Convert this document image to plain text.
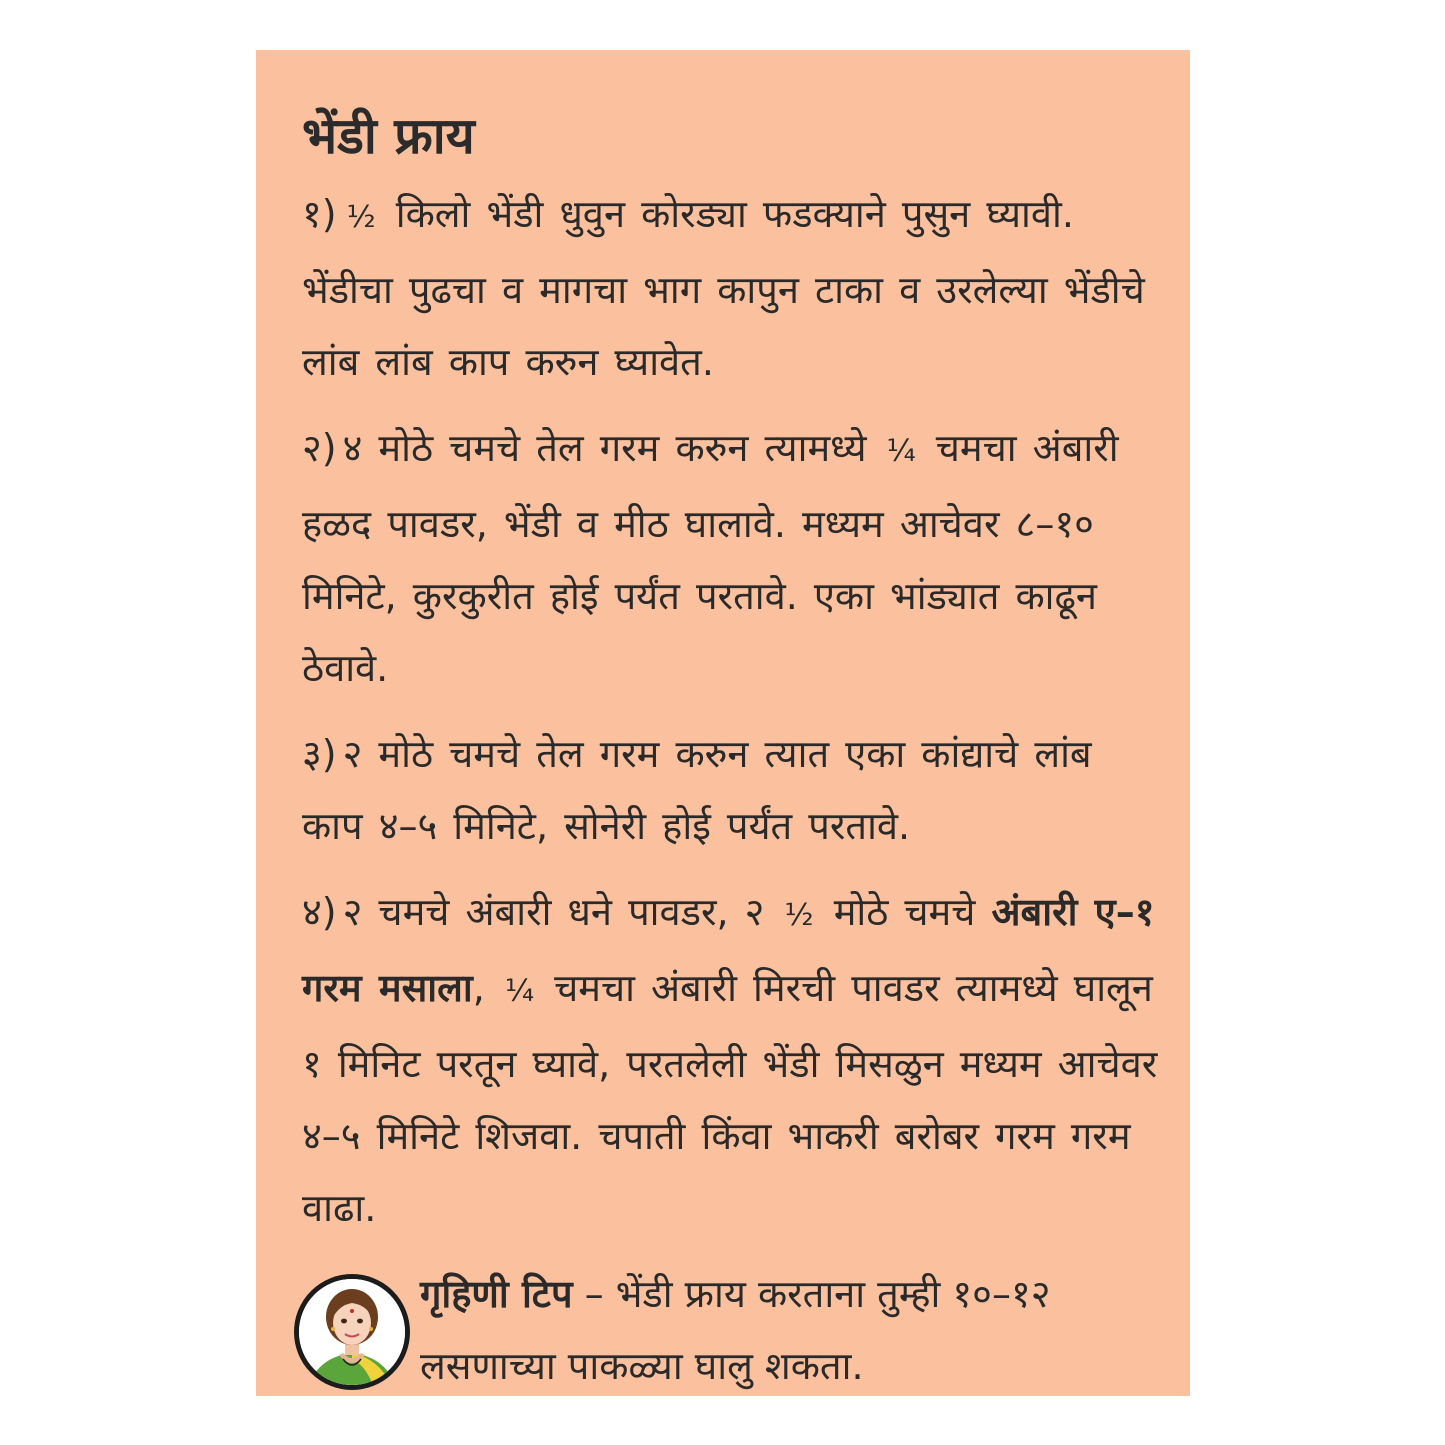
भेंडी फ्राय
१) ½ किलो भेंडी धुवुन कोरड्या फडक्याने पुसुन घ्यावी. भेंडीचा पुढचा व मागचा भाग कापुन टाका व उरलेल्या भेंडीचे लांब लांब काप करुन घ्यावेत.
२) ४ मोठे चमचे तेल गरम करुन त्यामध्ये ¼ चमचा अंबारी हळद पावडर, भेंडी व मीठ घालावे. मध्यम आचेवर ८–१० मिनिटे, कुरकुरीत होई पर्यंत परतावे. एका भांड्यात काढून ठेवावे.
३) २ मोठे चमचे तेल गरम करुन त्यात एका कांद्याचे लांब काप ४–५ मिनिटे, सोनेरी होई पर्यंत परतावे.
४) २ चमचे अंबारी धने पावडर, २ ½ मोठे चमचे अंबारी ए–१ गरम मसाला, ¼ चमचा अंबारी मिरची पावडर त्यामध्ये घालून १ मिनिट परतून घ्यावे, परतलेली भेंडी मिसळुन मध्यम आचेवर ४–५ मिनिटे शिजवा. चपाती किंवा भाकरी बरोबर गरम गरम वाढा.
गृहिणी टिप – भेंडी फ्राय करताना तुम्ही १०–१२ लसणाच्या पाकळ्या घालु शकता.
